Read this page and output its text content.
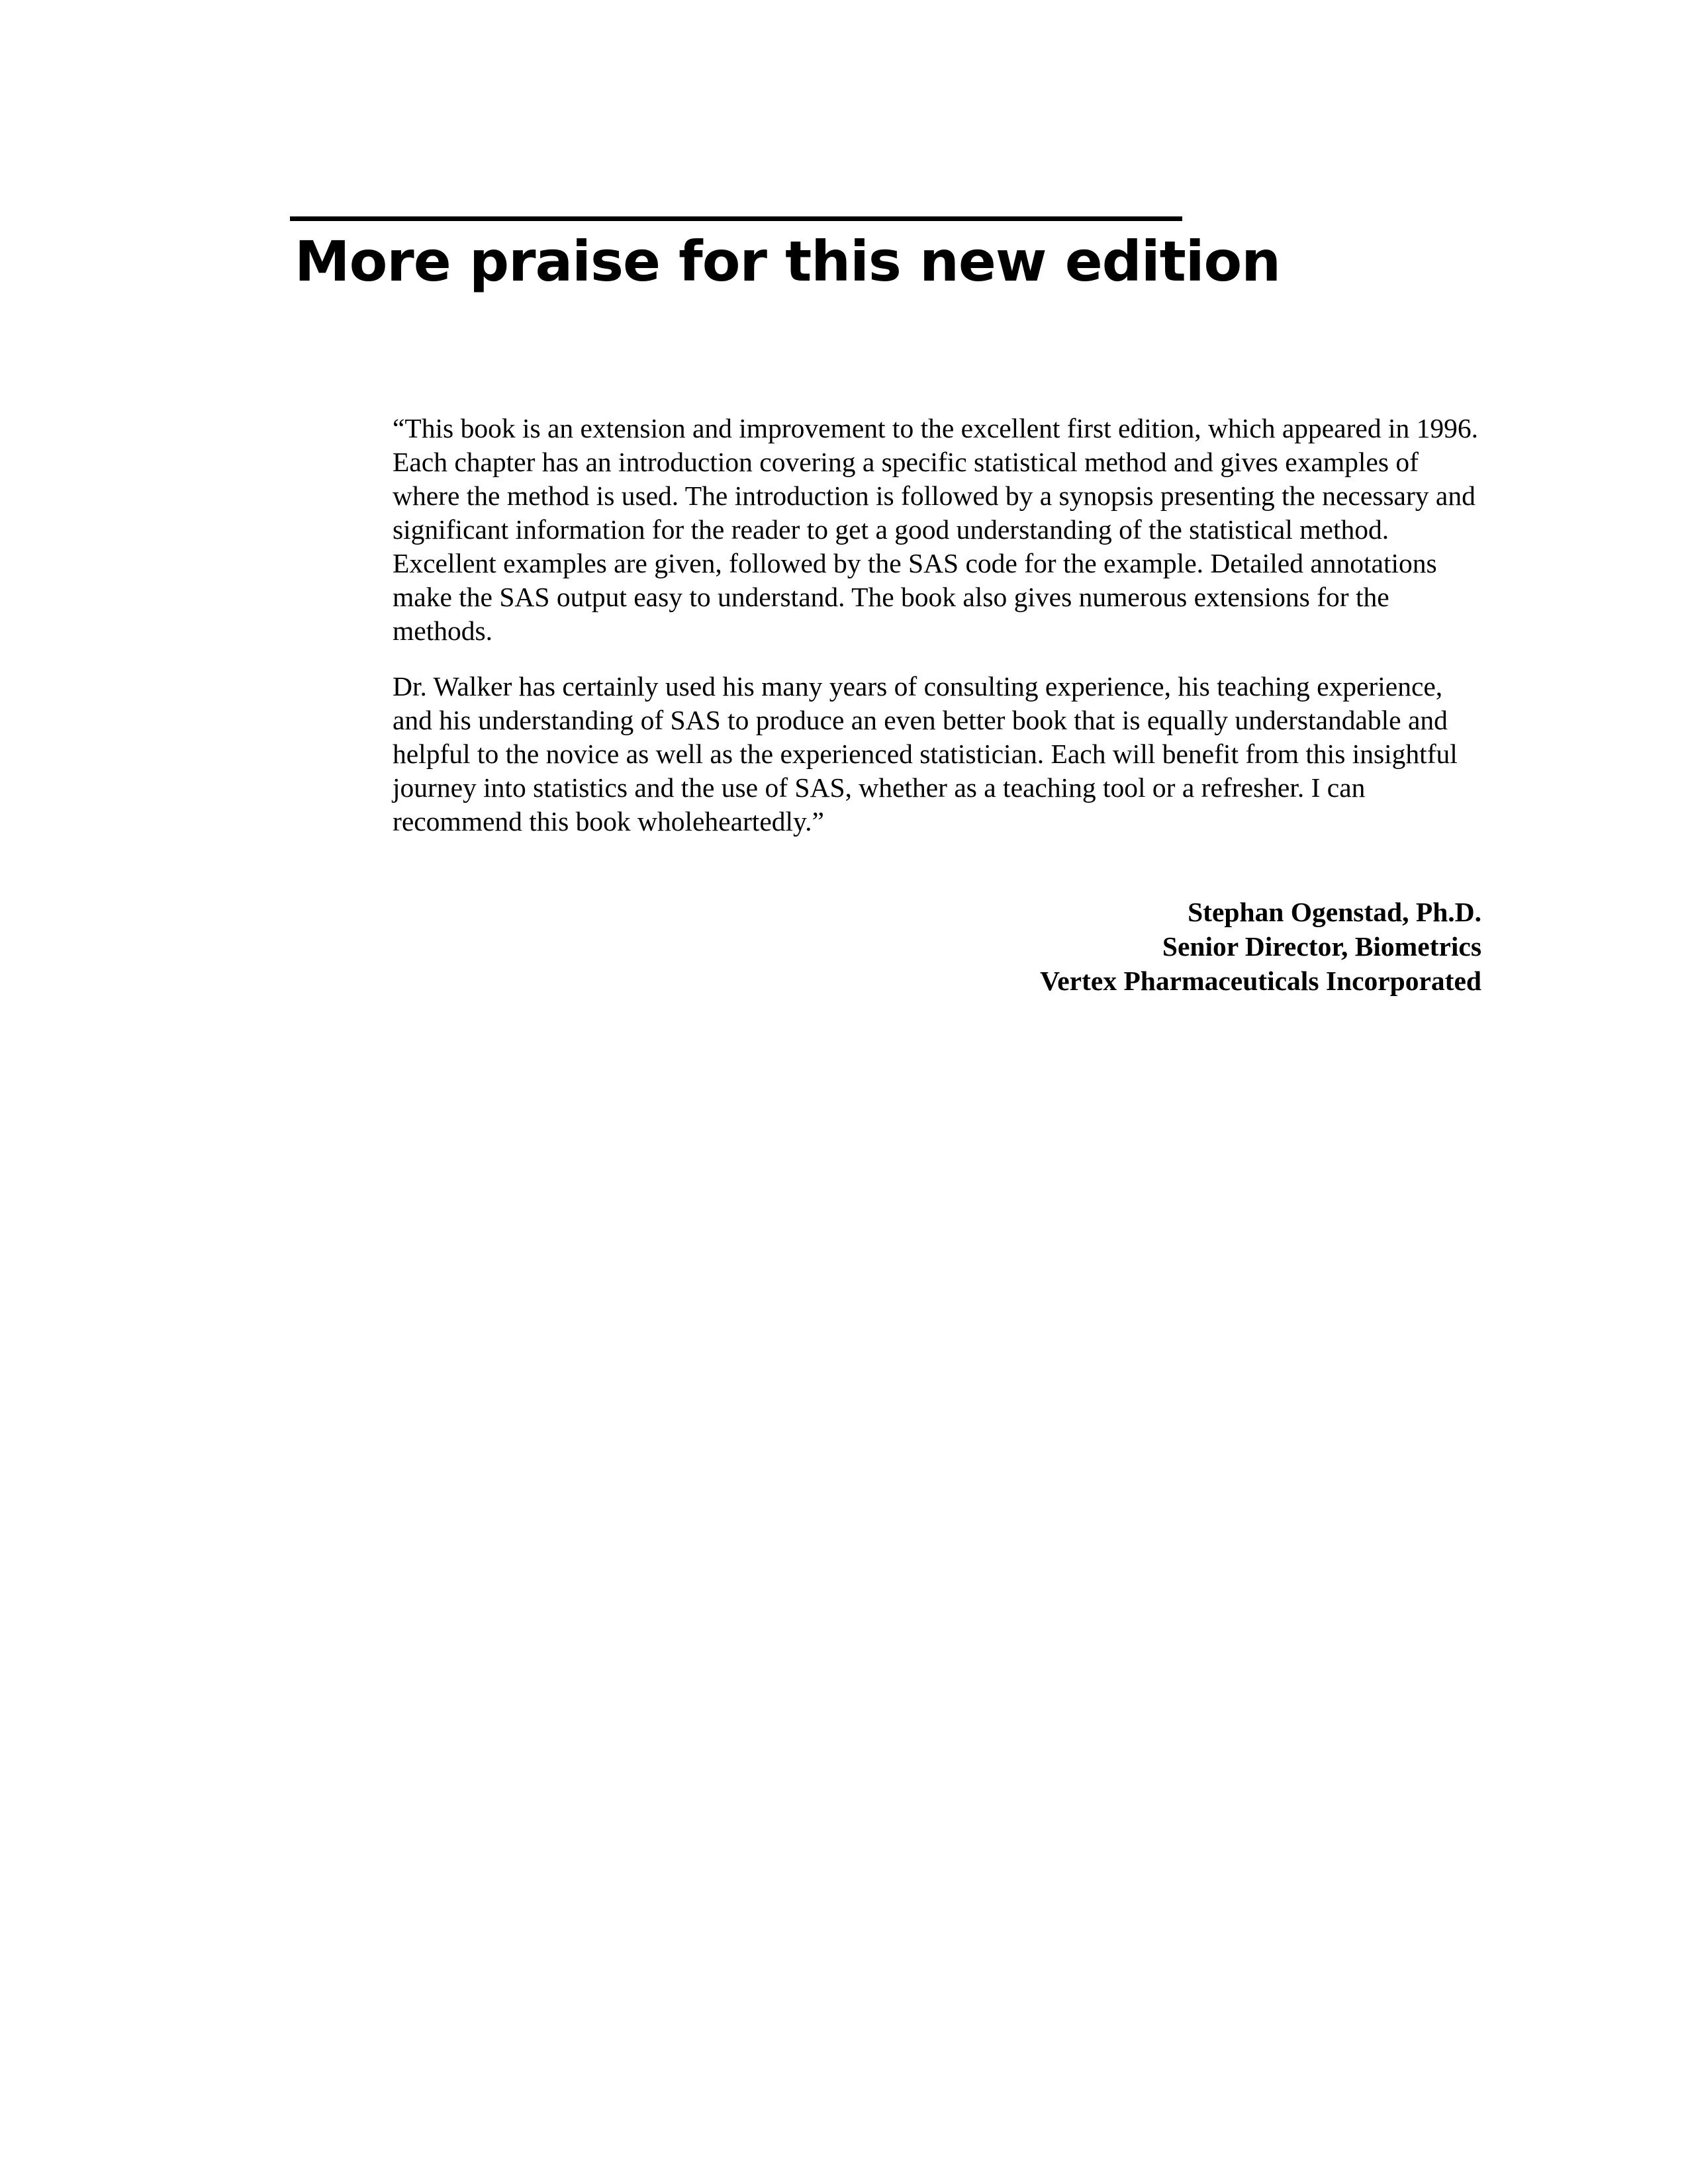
More praise for this new edition

“This book is an extension and improvement to the excellent first edition, which appeared in 1996. Each chapter has an introduction covering a specific statistical method and gives examples of where the method is used. The introduction is followed by a synopsis presenting the necessary and significant information for the reader to get a good understanding of the statistical method. Excellent examples are given, followed by the SAS code for the example. Detailed annotations make the SAS output easy to understand. The book also gives numerous extensions for the methods.

Dr. Walker has certainly used his many years of consulting experience, his teaching experience, and his understanding of SAS to produce an even better book that is equally understandable and helpful to the novice as well as the experienced statistician. Each will benefit from this insightful journey into statistics and the use of SAS, whether as a teaching tool or a refresher. I can recommend this book wholeheartedly.”

Stephan Ogenstad, Ph.D.
Senior Director, Biometrics
Vertex Pharmaceuticals Incorporated
